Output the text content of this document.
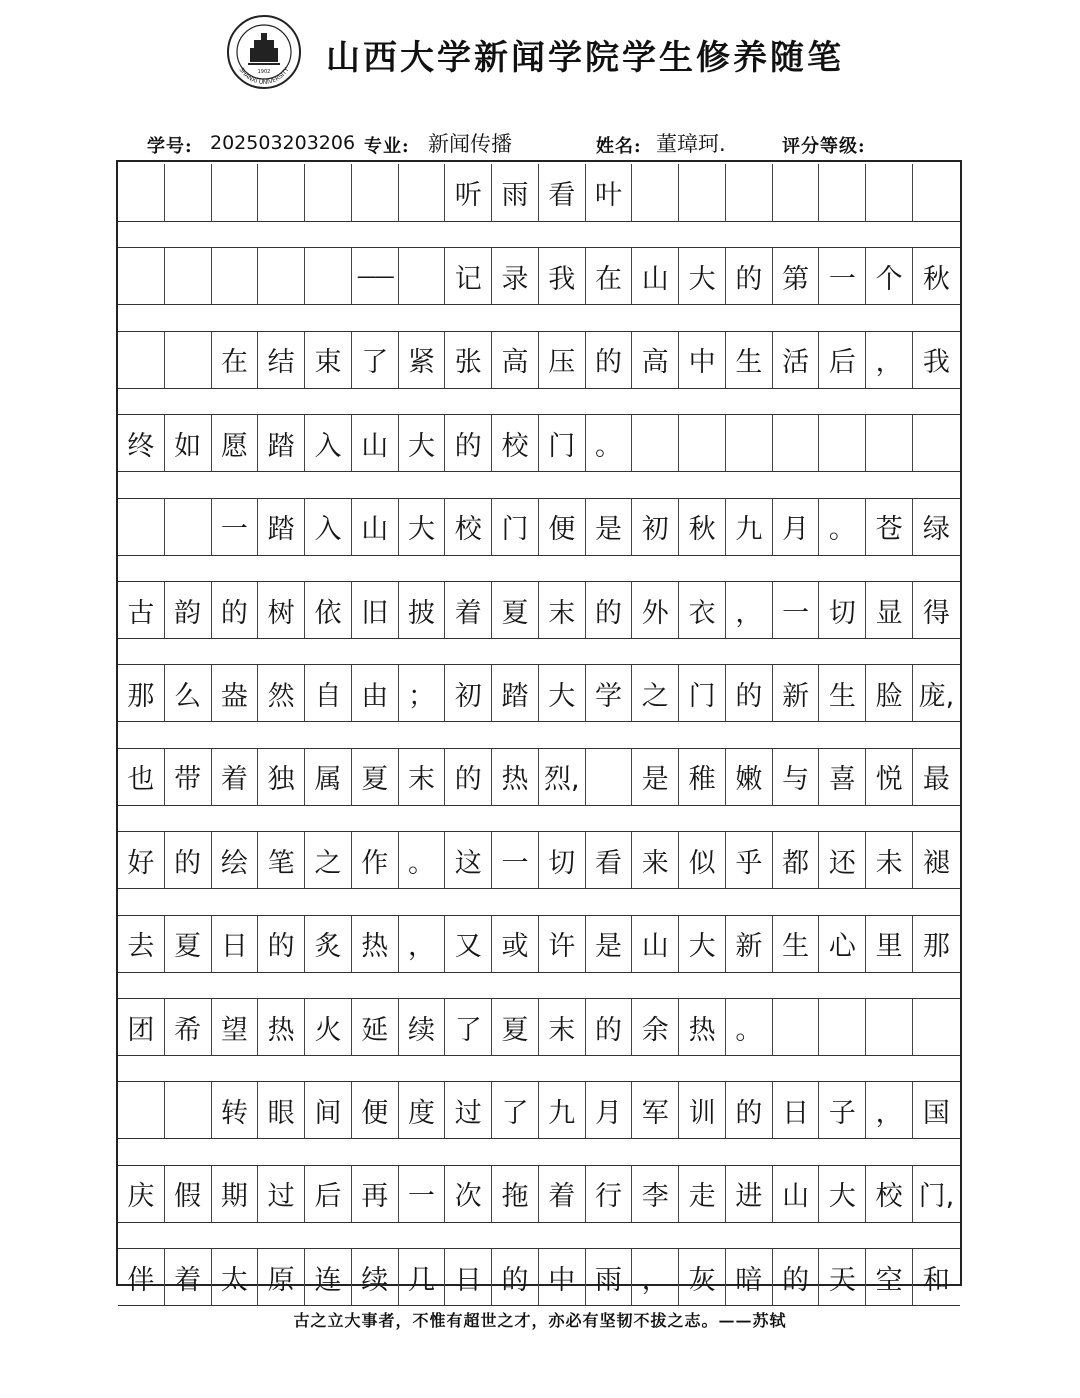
1902
SHANXI UNIVERSITY 山西大学新闻学院学生修养随笔
学号: 202503203206 专业: 新闻传播	姓名: 董璋珂.	评分等级:
听 雨 看 叶
——	记 录 我 在 山 大 的 第 一 个 秋
在 结 束 了 紧 张 高 压 的 高 中 生 活 后 ， 我
终 如 愿 踏 入 山 大 的 校 门 。
一 踏 入 山 大 校 门 便 是 初 秋 九 月 。 苍 绿
古 韵 的 树 依 旧 披 着 夏 末 的 外 衣 ， 一 切 显 得
那 么 盎 然 自 由 ； 初 踏 大 学 之 门 的 新 生 脸 庞,
也 带 着 独 属 夏 末 的 热 烈,	是 稚 嫩 与 喜 悦 最
好 的 绘 笔 之 作 。 这 一 切 看 来 似 乎 都 还 未 褪
去 夏 日 的 炙 热 ， 又 或 许 是 山 大 新 生 心 里 那
团 希 望 热 火 延 续 了 夏 末 的 余 热 。
转 眼 间 便 度 过 了 九 月 军 训 的 日 子 ， 国
庆 假 期 过 后 再 一 次 拖 着 行 李 走 进 山 大 校 门,
伴 着 太 原 连 续 几 日 的 中 雨 ， 灰 暗 的 天 空 和
古之立大事者，不惟有超世之才，亦必有坚韧不拔之志。——苏轼
